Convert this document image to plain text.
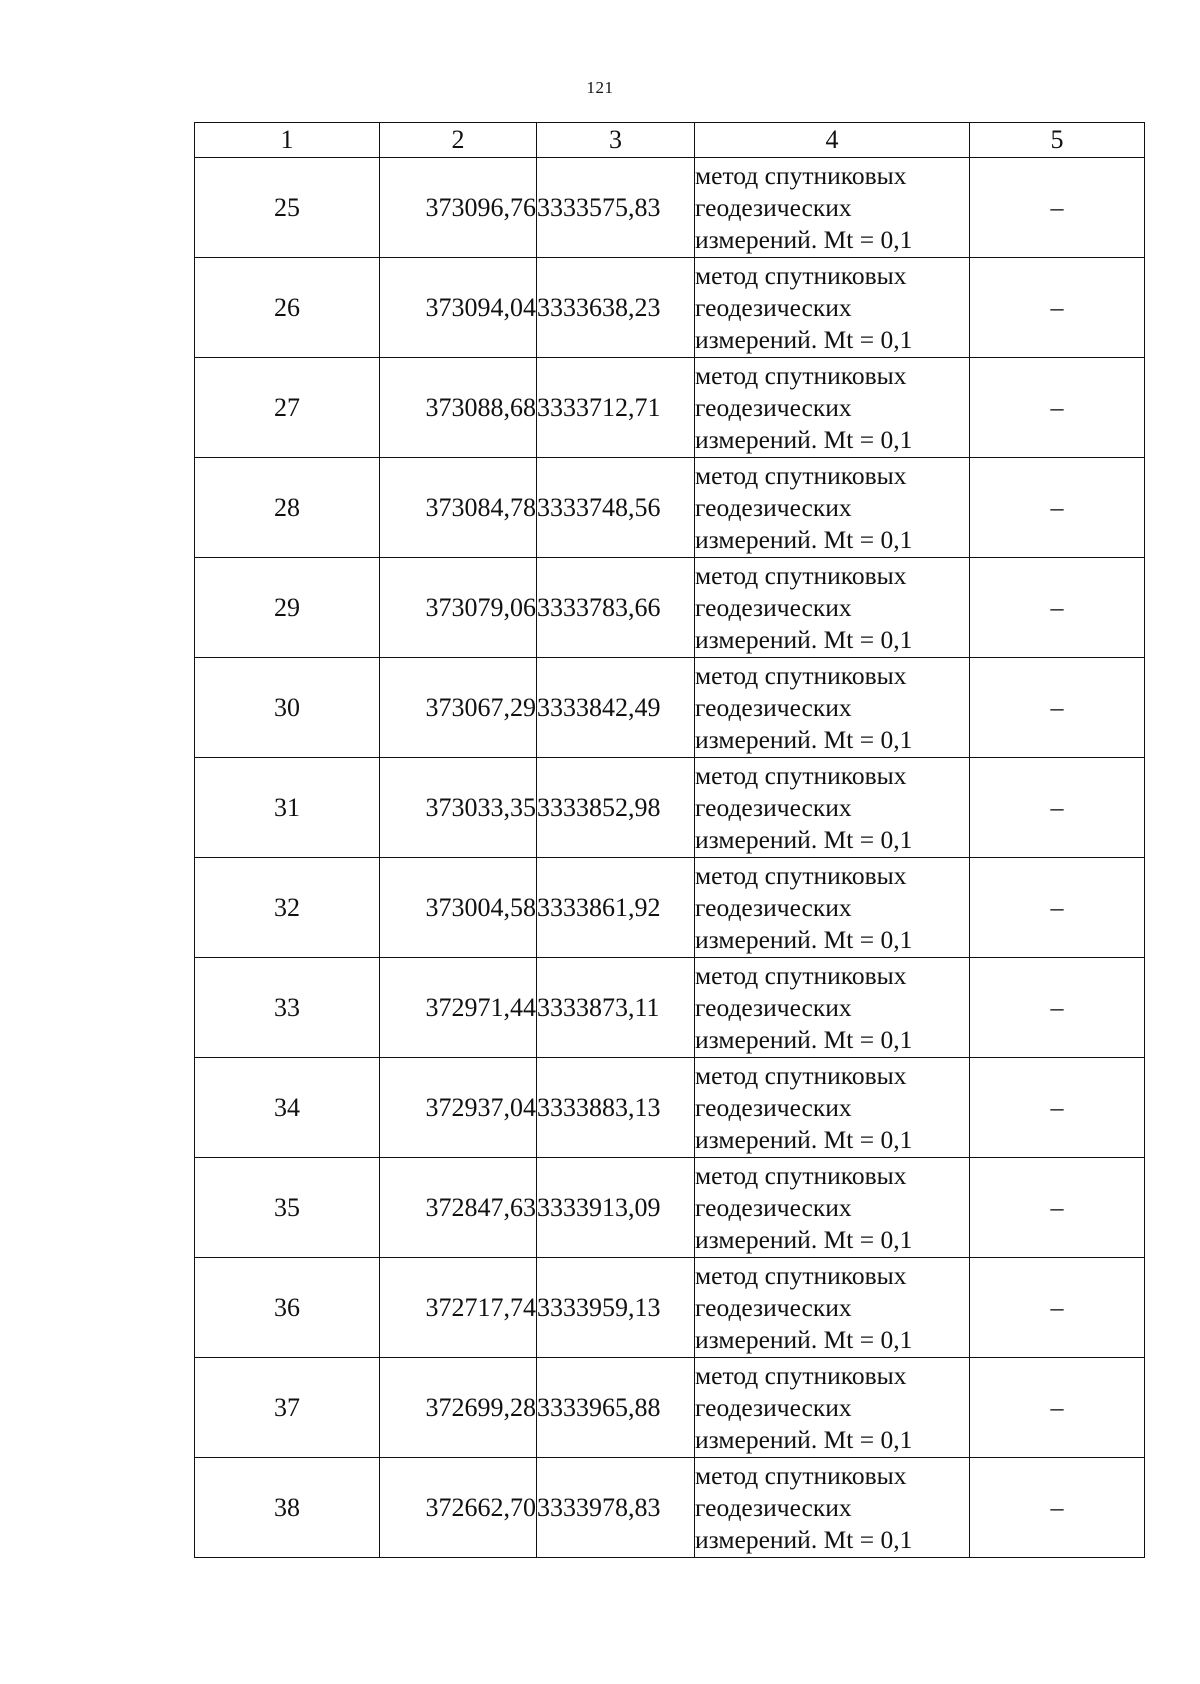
121
1	2	3	4	5
25	373096,76	3333575,83	метод спутниковых
геодезических
измерений. Mt = 0,1	–
26	373094,04	3333638,23	метод спутниковых
геодезических
измерений. Mt = 0,1	–
27	373088,68	3333712,71	метод спутниковых
геодезических
измерений. Mt = 0,1	–
28	373084,78	3333748,56	метод спутниковых
геодезических
измерений. Mt = 0,1	–
29	373079,06	3333783,66	метод спутниковых
геодезических
измерений. Mt = 0,1	–
30	373067,29	3333842,49	метод спутниковых
геодезических
измерений. Mt = 0,1	–
31	373033,35	3333852,98	метод спутниковых
геодезических
измерений. Mt = 0,1	–
32	373004,58	3333861,92	метод спутниковых
геодезических
измерений. Mt = 0,1	–
33	372971,44	3333873,11	метод спутниковых
геодезических
измерений. Mt = 0,1	–
34	372937,04	3333883,13	метод спутниковых
геодезических
измерений. Mt = 0,1	–
35	372847,63	3333913,09	метод спутниковых
геодезических
измерений. Mt = 0,1	–
36	372717,74	3333959,13	метод спутниковых
геодезических
измерений. Mt = 0,1	–
37	372699,28	3333965,88	метод спутниковых
геодезических
измерений. Mt = 0,1	–
38	372662,70	3333978,83	метод спутниковых
геодезических
измерений. Mt = 0,1	–
